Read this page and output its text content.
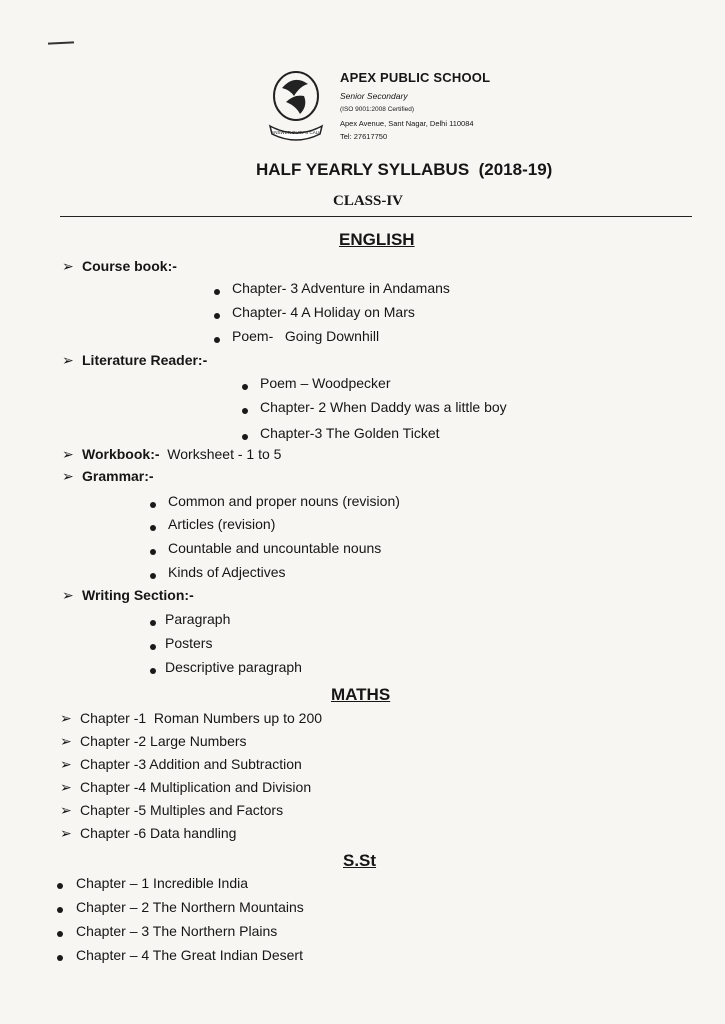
ANSWER DUTY'S CALL
APEX PUBLIC SCHOOL
Senior Secondary
(ISO 9001:2008 Certified)
Apex Avenue, Sant Nagar, Delhi 110084
Tel: 27617750
HALF YEARLY SYLLABUS  (2018-19)
CLASS-IV
ENGLISH
➢ Course book:-
Chapter- 3 Adventure in Andamans
Chapter- 4 A Holiday on Mars
Poem-   Going Downhill
➢ Literature Reader:-
Poem – Woodpecker
Chapter- 2 When Daddy was a little boy
Chapter-3 The Golden Ticket
➢ Workbook:- Worksheet - 1 to 5
➢ Grammar:-
Common and proper nouns (revision)
Articles (revision)
Countable and uncountable nouns
Kinds of Adjectives
➢ Writing Section:-
Paragraph
Posters
Descriptive paragraph
MATHS
➢ Chapter -1  Roman Numbers up to 200
➢ Chapter -2 Large Numbers
➢ Chapter -3 Addition and Subtraction
➢ Chapter -4 Multiplication and Division
➢ Chapter -5 Multiples and Factors
➢ Chapter -6 Data handling
S.St
Chapter – 1 Incredible India
Chapter – 2 The Northern Mountains
Chapter – 3 The Northern Plains
Chapter – 4 The Great Indian Desert
